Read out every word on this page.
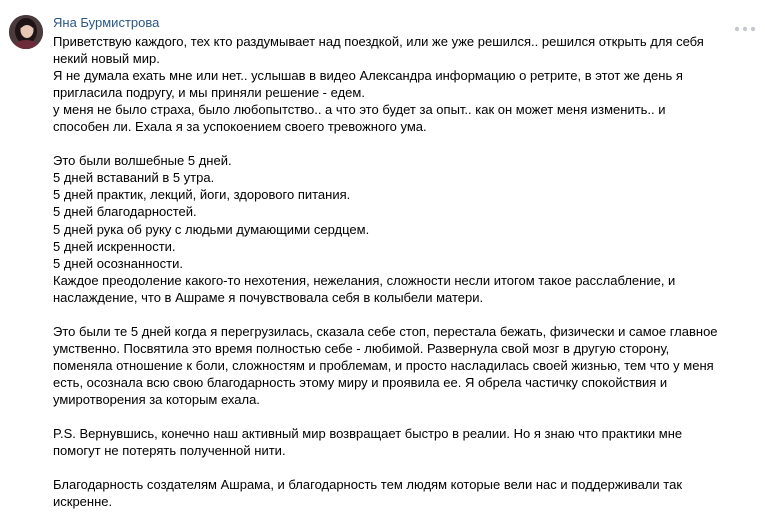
Яна Бурмистрова

Приветствую каждого, тех кто раздумывает над поездкой, или же уже решился.. решился открыть для себя

некий новый мир.

Я не думала ехать мне или нет.. услышав в видео Александра информацию о ретрите, в этот же день я

пригласила подругу, и мы приняли решение - едем.

у меня не было страха, было любопытство.. а что это будет за опыт.. как он может меня изменить.. и

способен ли. Ехала я за успокоением своего тревожного ума.

Это были волшебные 5 дней.

5 дней вставаний в 5 утра.

5 дней практик, лекций, йоги, здорового питания.

5 дней благодарностей.

5 дней рука об руку с людьми думающими сердцем.

5 дней искренности.

5 дней осознанности.

Каждое преодоление какого-то нехотения, нежелания, сложности несли итогом такое расслабление, и

наслаждение, что в Ашраме я почувствовала себя в колыбели матери.

Это были те 5 дней когда я перегрузилась, сказала себе стоп, перестала бежать, физически и самое главное

умственно. Посвятила это время полностью себе - любимой. Развернула свой мозг в другую сторону,

поменяла отношение к боли, сложностям и проблемам, и просто насладилась своей жизнью, тем что у меня

есть, осознала всю свою благодарность этому миру и проявила ее. Я обрела частичку спокойствия и

умиротворения за которым ехала.

P.S. Вернувшись, конечно наш активный мир возвращает быстро в реалии. Но я знаю что практики мне

помогут не потерять полученной нити.

Благодарность создателям Ашрама, и благодарность тем людям которые вели нас и поддерживали так

искренне.
